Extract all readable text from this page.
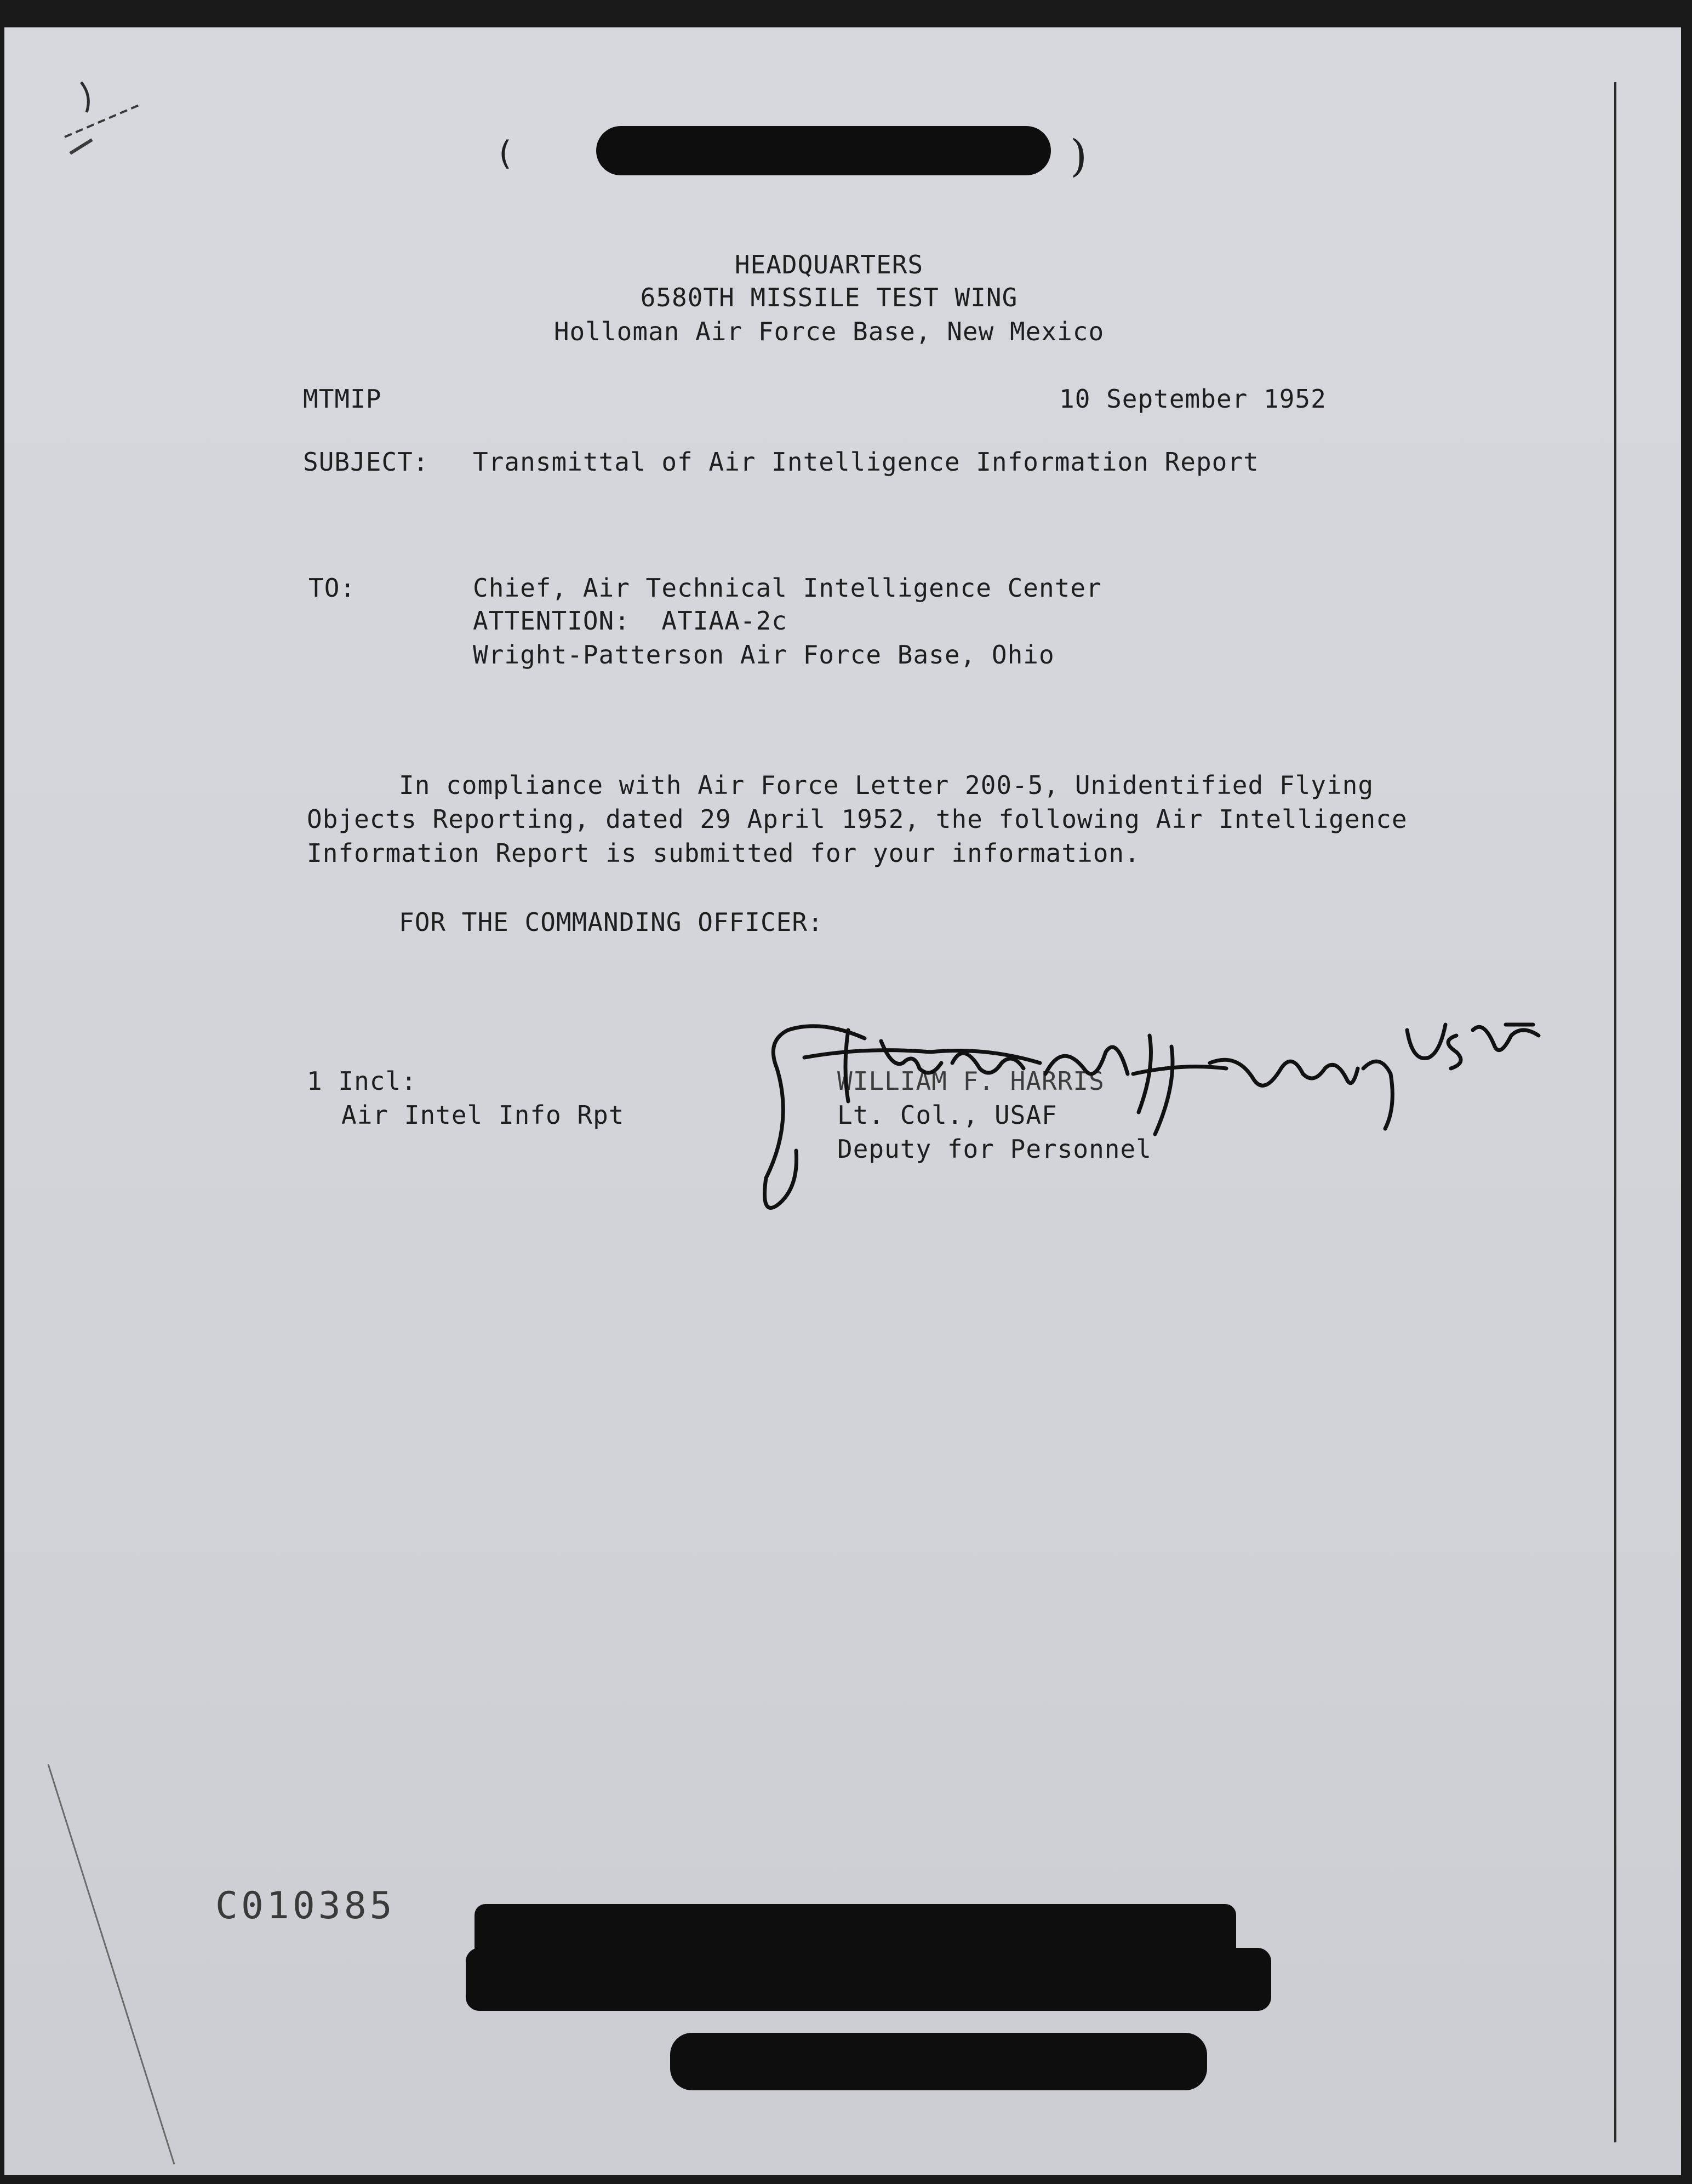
(	)
HEADQUARTERS
6580TH MISSILE TEST WING
Holloman Air Force Base, New Mexico
MTMIP	10 September 1952
SUBJECT: Transmittal of Air Intelligence Information Report
TO:	Chief, Air Technical Intelligence Center
ATTENTION:  ATIAA-2c
Wright-Patterson Air Force Base, Ohio
In compliance with Air Force Letter 200-5, Unidentified Flying
Objects Reporting, dated 29 April 1952, the following Air Intelligence
Information Report is submitted for your information.
FOR THE COMMANDING OFFICER:
1 Incl:
Air Intel Info Rpt
WILLIAM F. HARRIS
Lt. Col., USAF
Deputy for Personnel
C010385
